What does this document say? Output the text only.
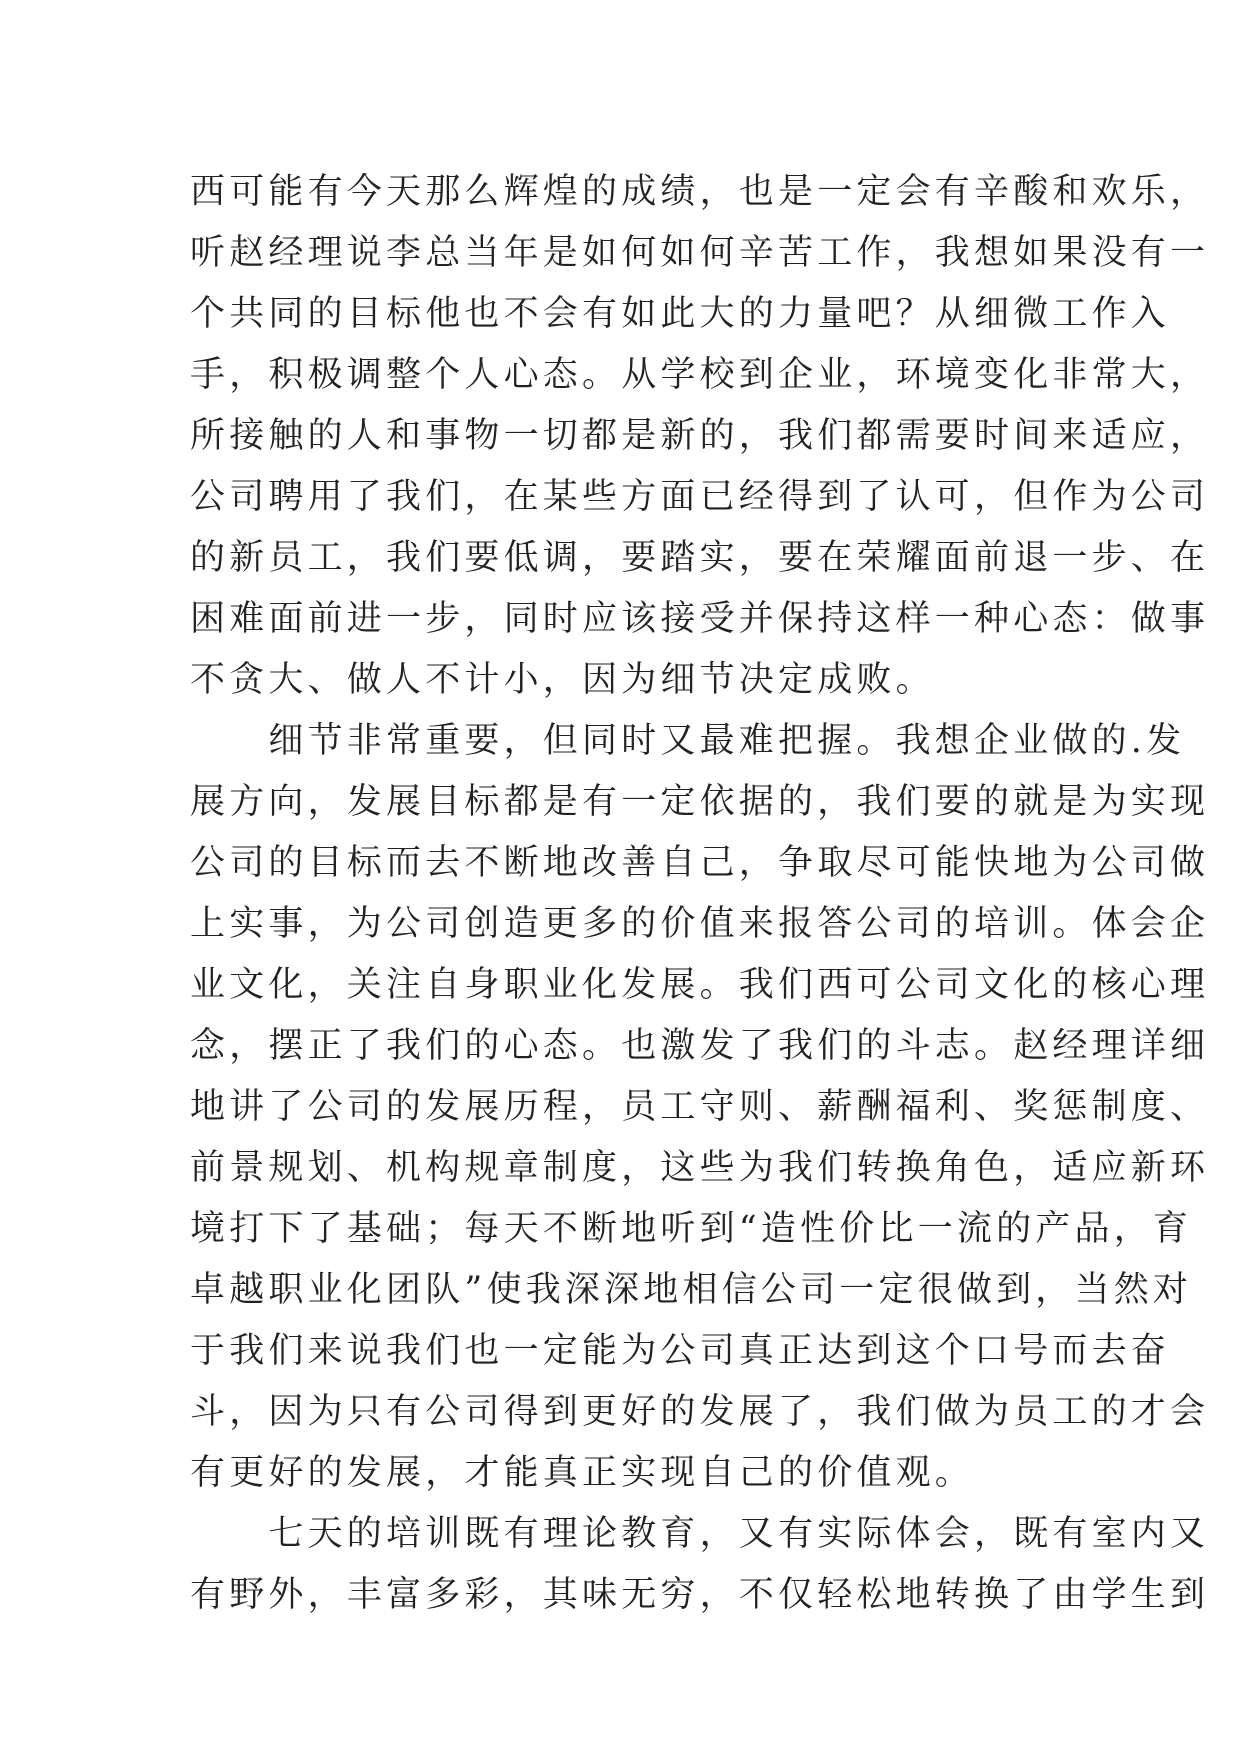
西可能有今天那么辉煌的成绩，也是一定会有辛酸和欢乐，
听赵经理说李总当年是如何如何辛苦工作，我想如果没有一
个共同的目标他也不会有如此大的力量吧？从细微工作入
手，积极调整个人心态。从学校到企业，环境变化非常大，
所接触的人和事物一切都是新的，我们都需要时间来适应，
公司聘用了我们，在某些方面已经得到了认可，但作为公司
的新员工，我们要低调，要踏实，要在荣耀面前退一步、在
困难面前进一步，同时应该接受并保持这样一种心态：做事
不贪大、做人不计小，因为细节决定成败。
　　细节非常重要，但同时又最难把握。我想企业做的.发
展方向，发展目标都是有一定依据的，我们要的就是为实现
公司的目标而去不断地改善自己，争取尽可能快地为公司做
上实事，为公司创造更多的价值来报答公司的培训。体会企
业文化，关注自身职业化发展。我们西可公司文化的核心理
念，摆正了我们的心态。也激发了我们的斗志。赵经理详细
地讲了公司的发展历程，员工守则、薪酬福利、奖惩制度、
前景规划、机构规章制度，这些为我们转换角色，适应新环
境打下了基础；每天不断地听到“造性价比一流的产品，育
卓越职业化团队”使我深深地相信公司一定很做到，当然对
于我们来说我们也一定能为公司真正达到这个口号而去奋
斗，因为只有公司得到更好的发展了，我们做为员工的才会
有更好的发展，才能真正实现自己的价值观。
　　七天的培训既有理论教育，又有实际体会，既有室内又
有野外，丰富多彩，其味无穷，不仅轻松地转换了由学生到
